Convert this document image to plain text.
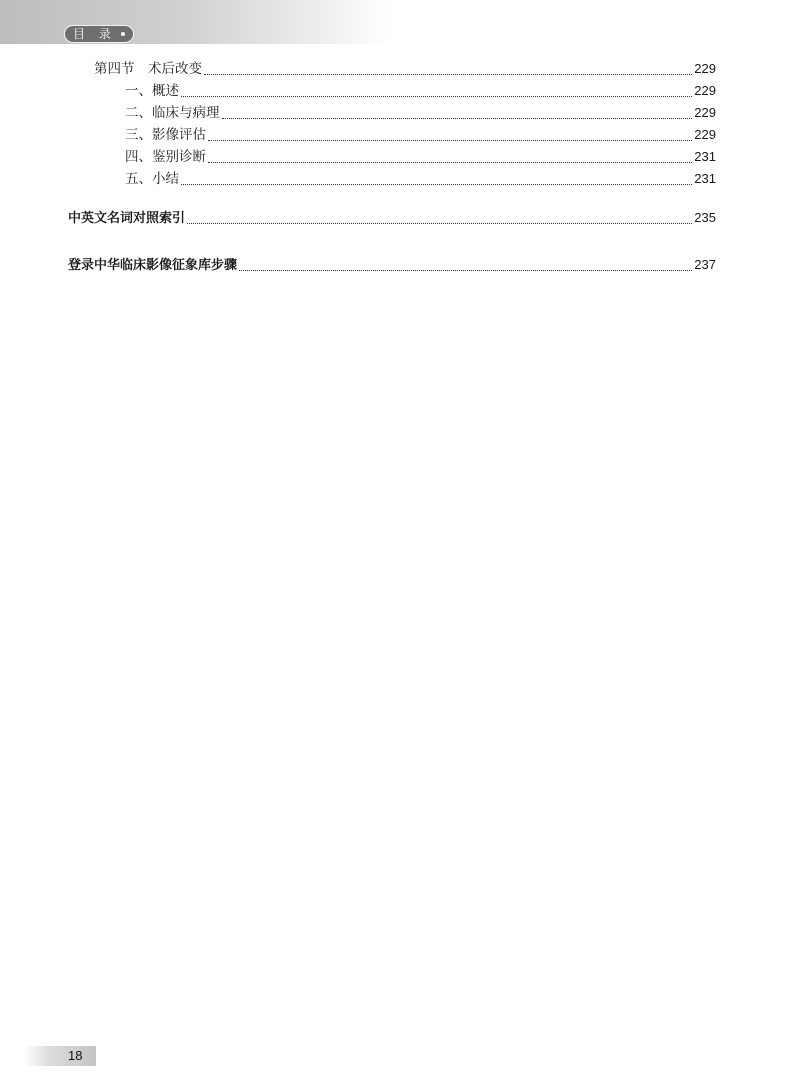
目 录
第四节　术后改变	229
一、概述	229
二、临床与病理	229
三、影像评估	229
四、鉴别诊断	231
五、小结	231
中英文名词对照索引	235
登录中华临床影像征象库步骤	237
18
